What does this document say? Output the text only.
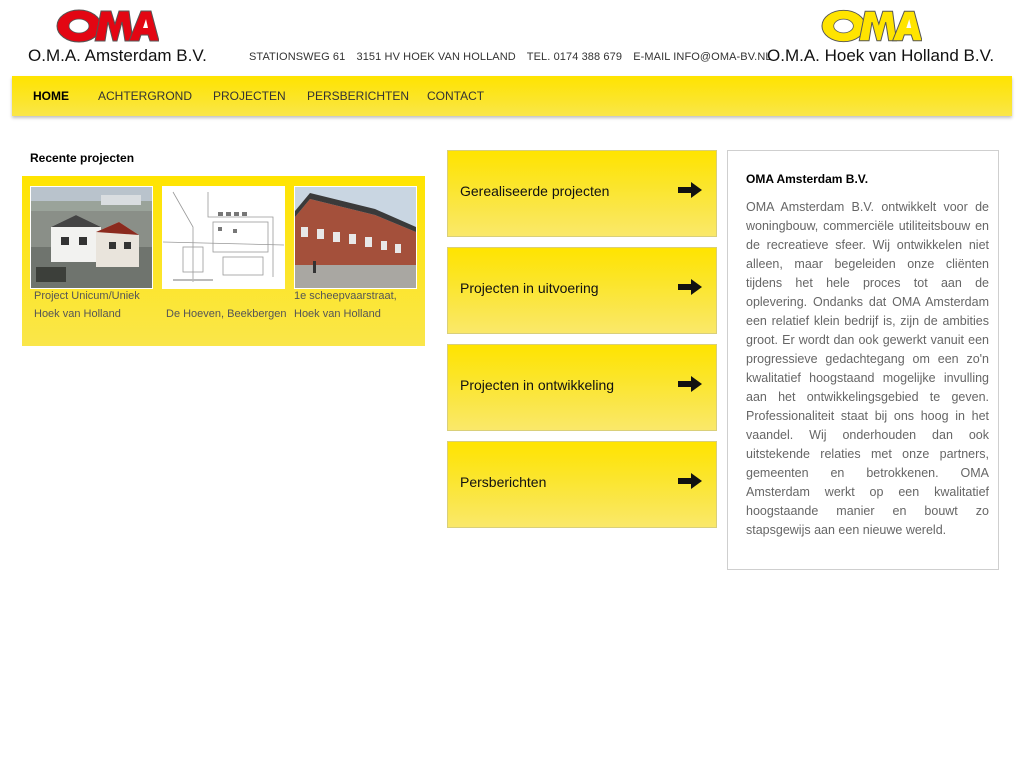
O.M.A. Amsterdam B.V.	STATIONSWEG 61 3151 HV HOEK VAN HOLLAND TEL. 0174 388 679 E-MAIL INFO@OMA-BV.NL
O.M.A. Hoek van Holland B.V.
HOME ACHTERGROND PROJECTEN PERSBERICHTEN CONTACT
Recente projecten
Project Unicum/Uniek
Hoek van Holland
	De Hoeven, Beekbergen
1e scheepvaarstraat,
Hoek van Holland
Gerealiseerde projecten
Projecten in uitvoering
Projecten in ontwikkeling
Persberichten
OMA Amsterdam B.V.

OMA Amsterdam B.V. ontwikkelt voor de woningbouw, commerciële utiliteitsbouw en de recreatieve sfeer. Wij ontwikkelen niet alleen, maar begeleiden onze cliënten tijdens het hele proces tot aan de oplevering. Ondanks dat OMA Amsterdam een relatief klein bedrijf is, zijn de ambities groot. Er wordt dan ook gewerkt vanuit een progressieve gedachtegang om een zo'n kwalitatief hoogstaand mogelijke invulling aan het ontwikkelingsgebied te geven. Professionaliteit staat bij ons hoog in het vaandel. Wij onderhouden dan ook uitstekende relaties met onze partners, gemeenten en betrokkenen. OMA Amsterdam werkt op een kwalitatief hoogstaande manier en bouwt zo stapsgewijs aan een nieuwe wereld.
